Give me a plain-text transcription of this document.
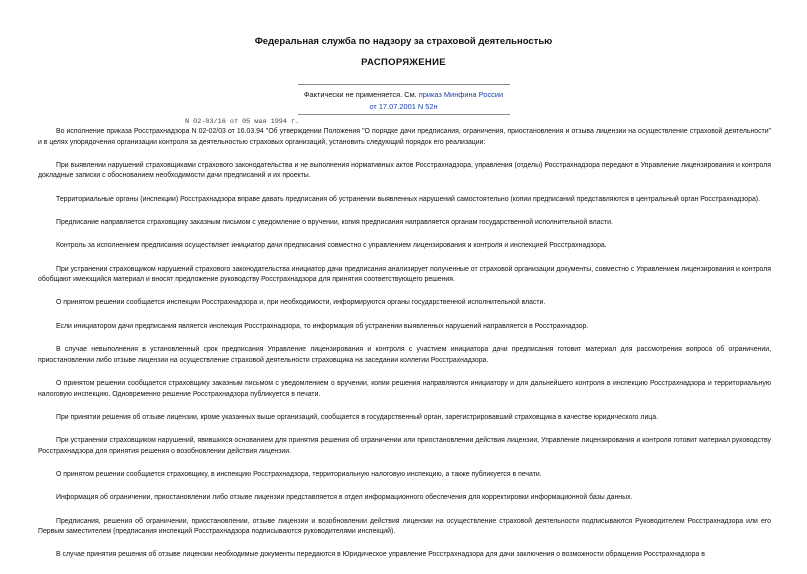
Федеральная служба по надзору за страховой деятельностью
РАСПОРЯЖЕНИЕ
Фактически не применяется. См. приказ Минфина России
от 17.07.2001 N 52н
N 02-03/16 от 05 мая 1994 г.

Во исполнение приказа Росстрахнадзора N 02-02/03 от 16.03.94 "Об утверждении Положения "О порядке дачи предписания, ограничения, приостановления и отзыва лицензии на осуществление страховой деятельности" и в целях упорядочения организации контроля за деятельностью страховых организаций, установить следующий порядок его реализации:

При выявлении нарушений страховщиками страхового законодательства и не выполнения нормативных актов Росстрахнадзора, управления (отделы) Росстрахнадзора передают в Управление лицензирования и контроля докладные записки с обоснованием необходимости дачи предписаний и их проекты.

Территориальные органы (инспекции) Росстрахнадзора вправе давать предписания об устранении выявленных нарушений самостоятельно (копии предписаний представляются в центральный орган Росстрахнадзора).

Предписание направляется страховщику заказным письмом с уведомление о вручении, копия предписания направляется органам государственной исполнительной власти.

Контроль за исполнением предписания осуществляет инициатор дачи предписания совместно с управлением лицензирования и контроля и инспекцией Росстрахнадзора.

При устранении страховщиком нарушений страхового законодательства инициатор дачи предписания анализирует полученные от страховой организации документы, совместно с Управлением лицензирования и контроля обобщают имеющийся материал и вносят предложение руководству Росстрахнадзора для принятия соответствующего решения.

О принятом решении сообщается инспекции Росстрахнадзора и, при необходимости, информируются органы государственной исполнительной власти.

Если инициатором дачи предписания является инспекция Росстрахнадзора, то информация об устранении выявленных нарушений направляется в Росстрахнадзор.

В случае невыполнения в установленный срок предписания Управление лицензирования и контроля с участием инициатора дачи предписания готовит материал для рассмотрения вопроса об ограничении, приостановлении либо отзыве лицензии на осуществление страховой деятельности страховщика на заседании коллегии Росстрахнадзора.

О принятом решении сообщается страховщику заказным письмом с уведомлением о вручении, копии решения направляются инициатору и для дальнейшего контроля в инспекцию Росстрахнадзора и территориальную налоговую инспекцию. Одновременно решение Росстрахнадзора публикуется в печати.

При принятии решения об отзыве лицензии, кроме указанных выше организаций, сообщается в государственный орган, зарегистрировавший страховщика в качестве юридического лица.

При устранении страховщиком нарушений, явившихся основанием для принятия решения об ограничении или приостановлении действия лицензии, Управление лицензирования и контроля готовит материал руководству Росстрахнадзора для принятия решения о возобновлении действия лицензии.

О принятом решении сообщается страховщику, в инспекцию Росстрахнадзора, территориальную налоговую инспекцию, а также публикуется в печати.

Информация об ограничении, приостановлении либо отзыве лицензии представляется в отдел информационного обеспечения для корректировки информационной базы данных.

Предписания, решения об ограничении, приостановлении, отзыве лицензии и возобновлении действия лицензии на осуществление страховой деятельности подписываются Руководителем Росстрахнадзора или его Первым заместителем (предписания инспекций Росстрахнадзора подписываются руководителями инспекций).

В случае принятия решения об отзыве лицензии необходимые документы передаются в Юридическое управление Росстрахнадзора для дачи заключения о возможности обращения Росстрахнадзора в
